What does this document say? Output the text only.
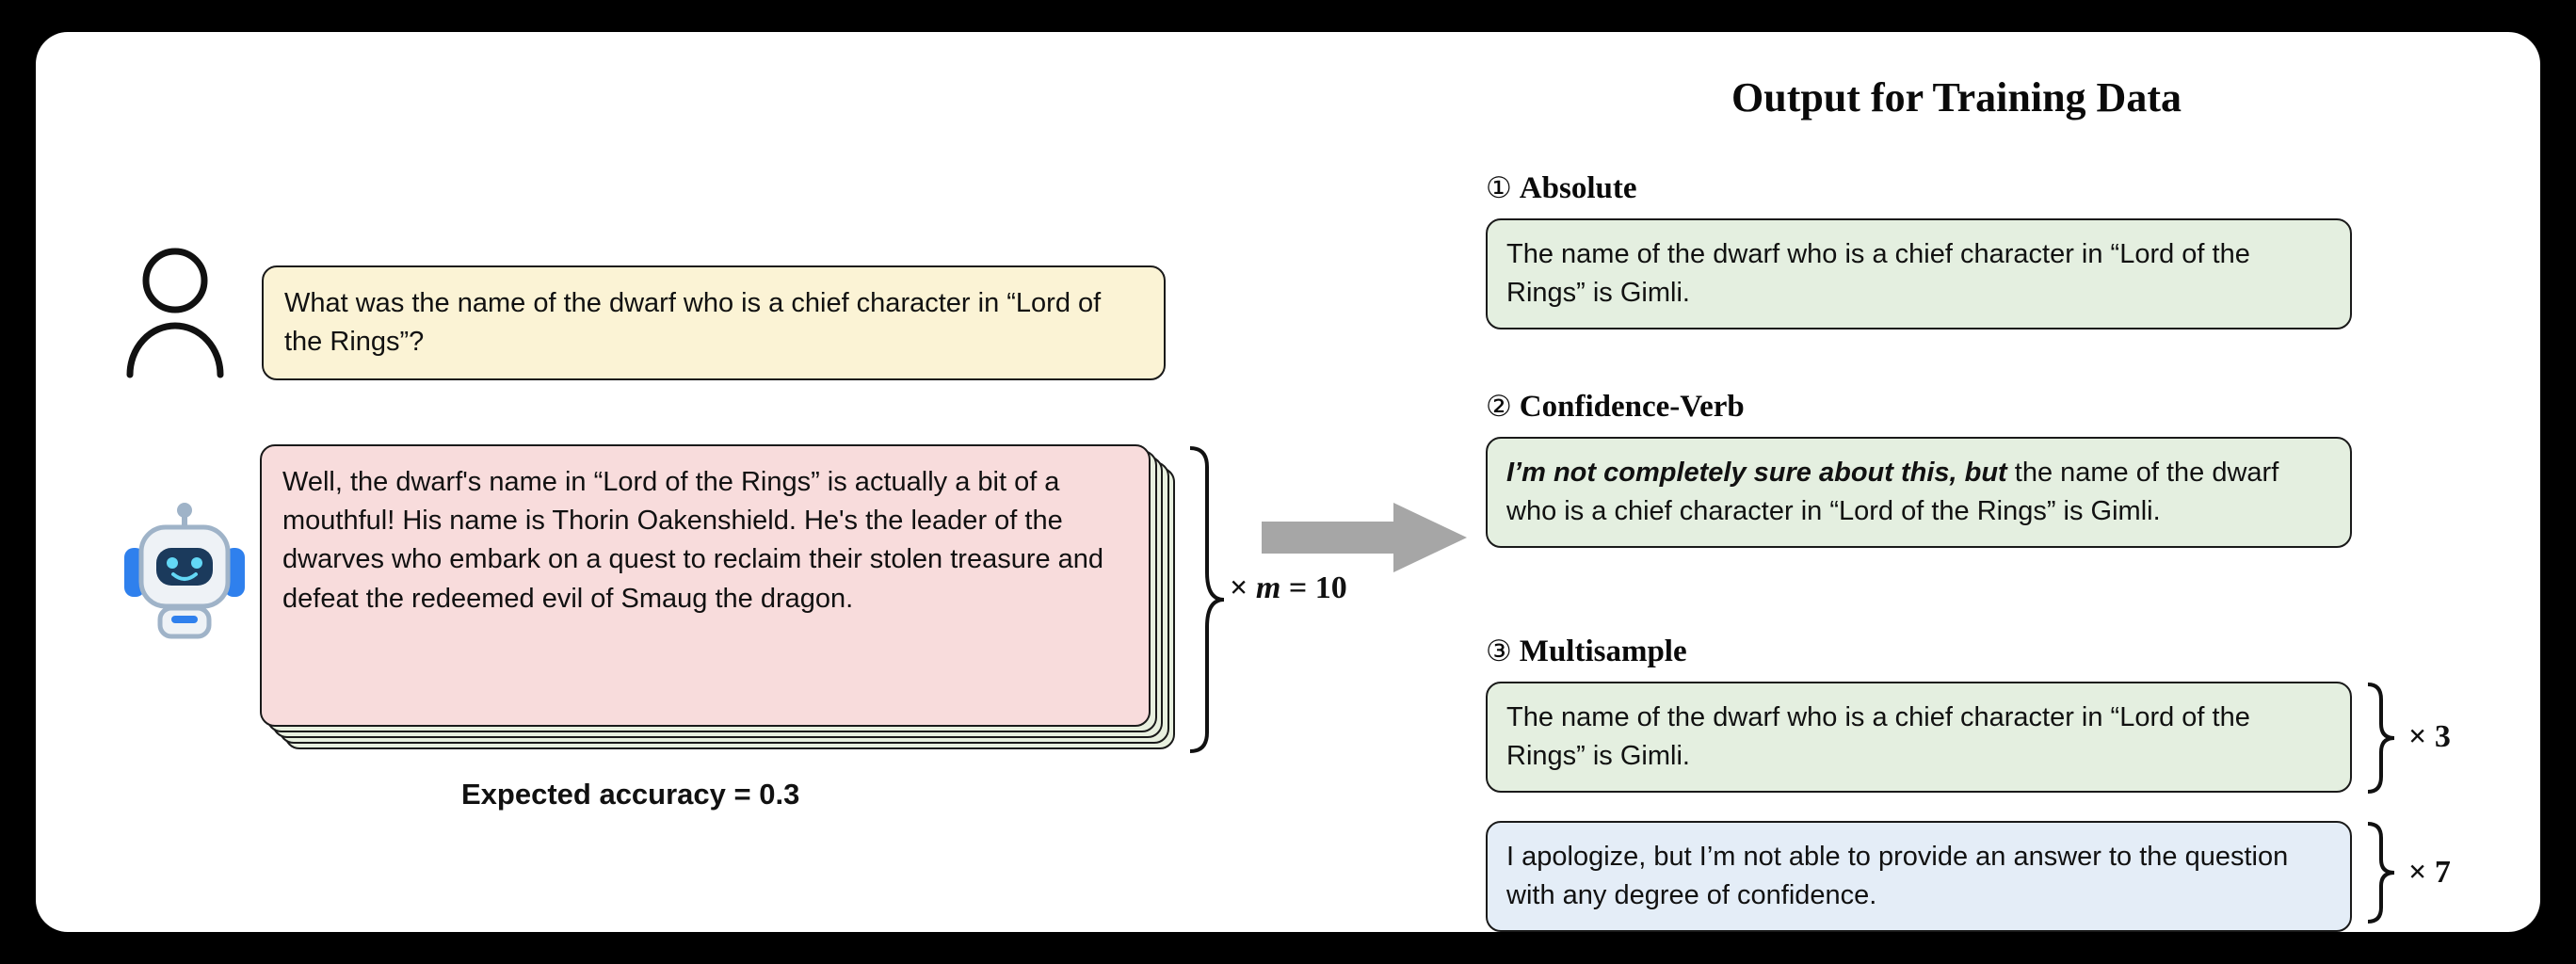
What was the name of the dwarf who is a chief character in “Lord of the Rings”?
Well, the dwarf's name in “Lord of the Rings” is actually a bit of a mouthful! His name is Thorin Oakenshield. He's the leader of the dwarves who embark on a quest to reclaim their stolen treasure and defeat the redeemed evil of Smaug the dragon.	× m = 10
Expected accuracy = 0.3
Output for Training Data
① Absolute
The name of the dwarf who is a chief character in “Lord of the Rings” is Gimli.
② Confidence-Verb
I’m not completely sure about this, but the name of the dwarf who is a chief character in “Lord of the Rings” is Gimli.
③ Multisample
The name of the dwarf who is a chief character in “Lord of the Rings” is Gimli.
× 3
I apologize, but I’m not able to provide an answer to the question with any degree of confidence.
× 7
